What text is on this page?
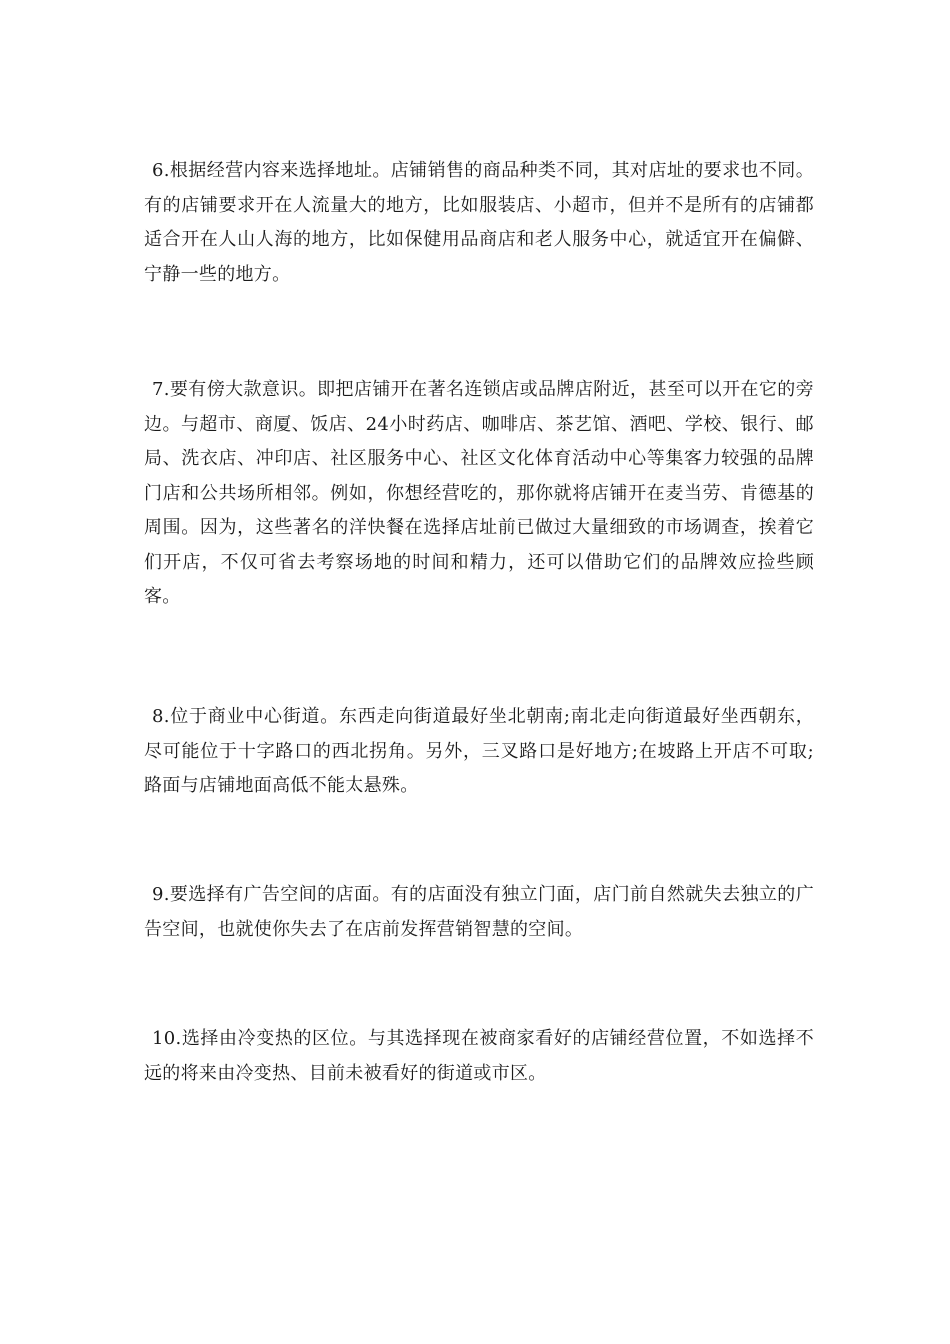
6.根据经营内容来选择地址。店铺销售的商品种类不同，其对店址的要求也不同。有的店铺要求开在人流量大的地方，比如服装店、小超市，但并不是所有的店铺都适合开在人山人海的地方，比如保健用品商店和老人服务中心，就适宜开在偏僻、宁静一些的地方。

7.要有傍大款意识。即把店铺开在著名连锁店或品牌店附近，甚至可以开在它的旁边。与超市、商厦、饭店、24小时药店、咖啡店、茶艺馆、酒吧、学校、银行、邮局、洗衣店、冲印店、社区服务中心、社区文化体育活动中心等集客力较强的品牌门店和公共场所相邻。例如，你想经营吃的，那你就将店铺开在麦当劳、肯德基的周围。因为，这些著名的洋快餐在选择店址前已做过大量细致的市场调查，挨着它们开店，不仅可省去考察场地的时间和精力，还可以借助它们的品牌效应捡些顾客。

8.位于商业中心街道。东西走向街道最好坐北朝南;南北走向街道最好坐西朝东，尽可能位于十字路口的西北拐角。另外，三叉路口是好地方;在坡路上开店不可取;路面与店铺地面高低不能太悬殊。

9.要选择有广告空间的店面。有的店面没有独立门面，店门前自然就失去独立的广告空间，也就使你失去了在店前发挥营销智慧的空间。

10.选择由冷变热的区位。与其选择现在被商家看好的店铺经营位置，不如选择不远的将来由冷变热、目前未被看好的街道或市区。
